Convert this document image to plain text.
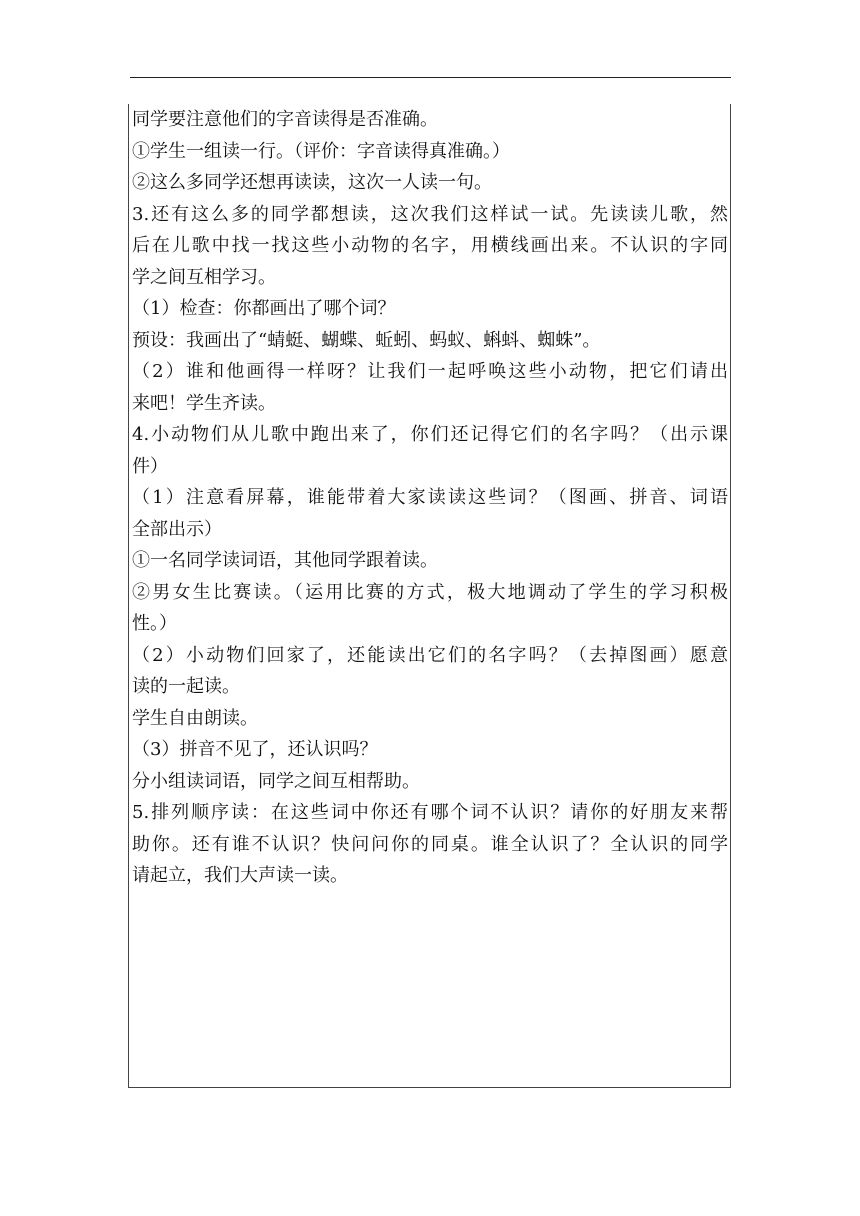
同学要注意他们的字音读得是否准确。
①学生一组读一行。（评价：字音读得真准确。）
②这么多同学还想再读读，这次一人读一句。
3.还有这么多的同学都想读，这次我们这样试一试。先读读儿歌，然
后在儿歌中找一找这些小动物的名字，用横线画出来。不认识的字同
学之间互相学习。
（1）检查：你都画出了哪个词？
预设：我画出了“蜻蜓、蝴蝶、蚯蚓、蚂蚁、蝌蚪、蜘蛛”。
（2）谁和他画得一样呀？让我们一起呼唤这些小动物，把它们请出
来吧！学生齐读。
4.小动物们从儿歌中跑出来了，你们还记得它们的名字吗？（出示课
件）
（1）注意看屏幕，谁能带着大家读读这些词？（图画、拼音、词语
全部出示）
①一名同学读词语，其他同学跟着读。
②男女生比赛读。（运用比赛的方式，极大地调动了学生的学习积极
性。）
（2）小动物们回家了，还能读出它们的名字吗？（去掉图画）愿意
读的一起读。
学生自由朗读。
（3）拼音不见了，还认识吗？
分小组读词语，同学之间互相帮助。
5.排列顺序读：在这些词中你还有哪个词不认识？请你的好朋友来帮
助你。还有谁不认识？快问问你的同桌。谁全认识了？全认识的同学
请起立，我们大声读一读。
